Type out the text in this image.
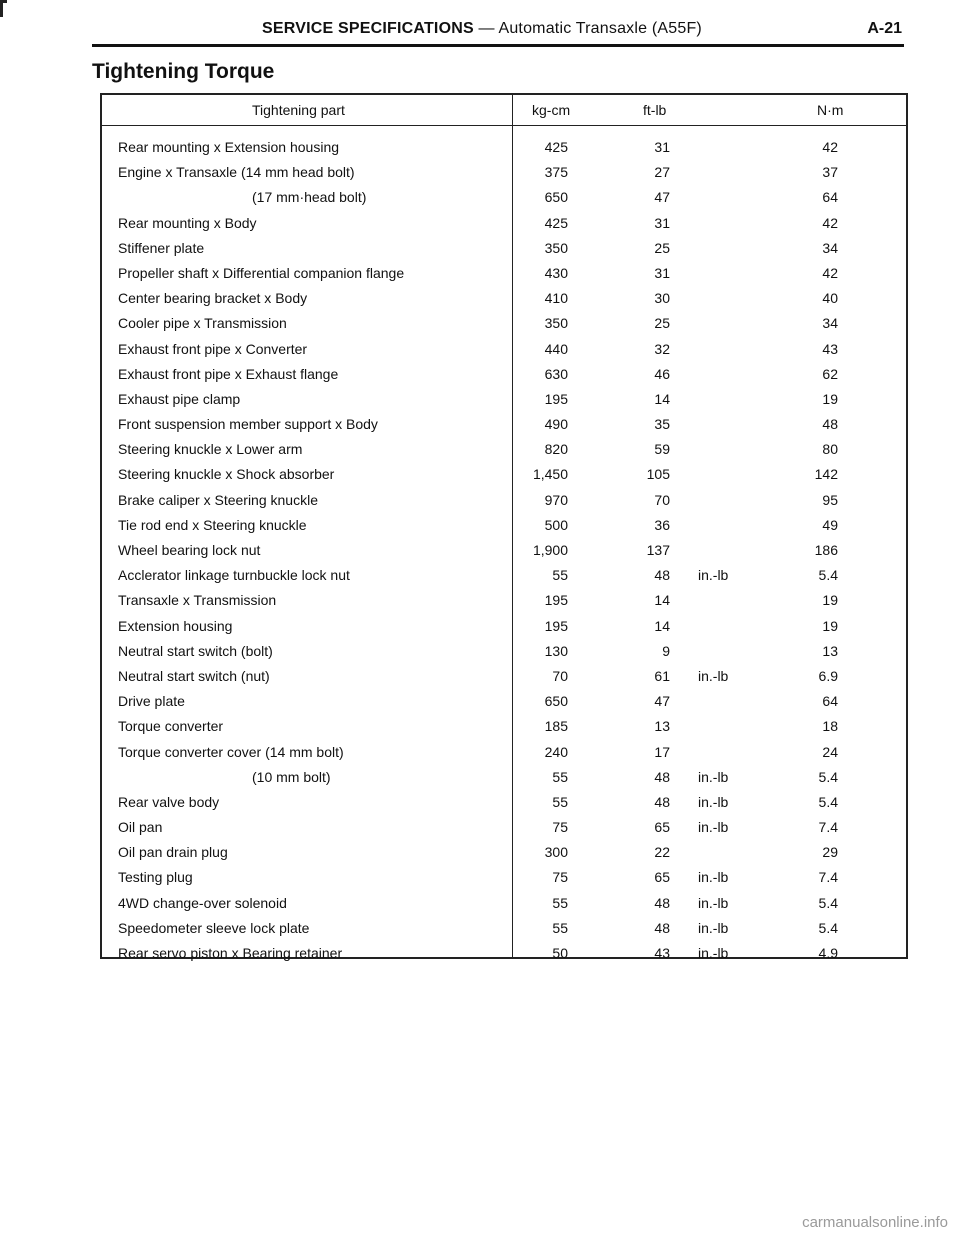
SERVICE SPECIFICATIONS — Automatic Transaxle (A55F)	A-21
Tightening Torque
Tightening part	kg-cm	ft-lb	N·m
Rear mounting x Extension housing	425	31	42
Engine x Transaxle (14 mm head bolt)	375	27	37
(17 mm·head bolt)	650	47	64
Rear mounting x Body	425	31	42
Stiffener plate	350	25	34
Propeller shaft x Differential companion flange	430	31	42
Center bearing bracket x Body	410	30	40
Cooler pipe x Transmission	350	25	34
Exhaust front pipe x Converter	440	32	43
Exhaust front pipe x Exhaust flange	630	46	62
Exhaust pipe clamp	195	14	19
Front suspension member support x Body	490	35	48
Steering knuckle x Lower arm	820	59	80
Steering knuckle x Shock absorber	1,450	105	142
Brake caliper x Steering knuckle	970	70	95
Tie rod end x Steering knuckle	500	36	49
Wheel bearing lock nut	1,900	137	186
Acclerator linkage turnbuckle lock nut	55	48 in.-lb	5.4
Transaxle x Transmission	195	14	19
Extension housing	195	14	19
Neutral start switch (bolt)	130	9	13
Neutral start switch (nut)	70	61 in.-lb	6.9
Drive plate	650	47	64
Torque converter	185	13	18
Torque converter cover (14 mm bolt)	240	17	24
(10 mm bolt)	55	48 in.-lb	5.4
Rear valve body	55	48 in.-lb	5.4
Oil pan	75	65 in.-lb	7.4
Oil pan drain plug	300	22	29
Testing plug	75	65 in.-lb	7.4
4WD change-over solenoid	55	48 in.-lb	5.4
Speedometer sleeve lock plate	55	48 in.-lb	5.4
Rear servo piston x Bearing retainer	50	43 in.-lb	4.9
carmanualsonline.info
